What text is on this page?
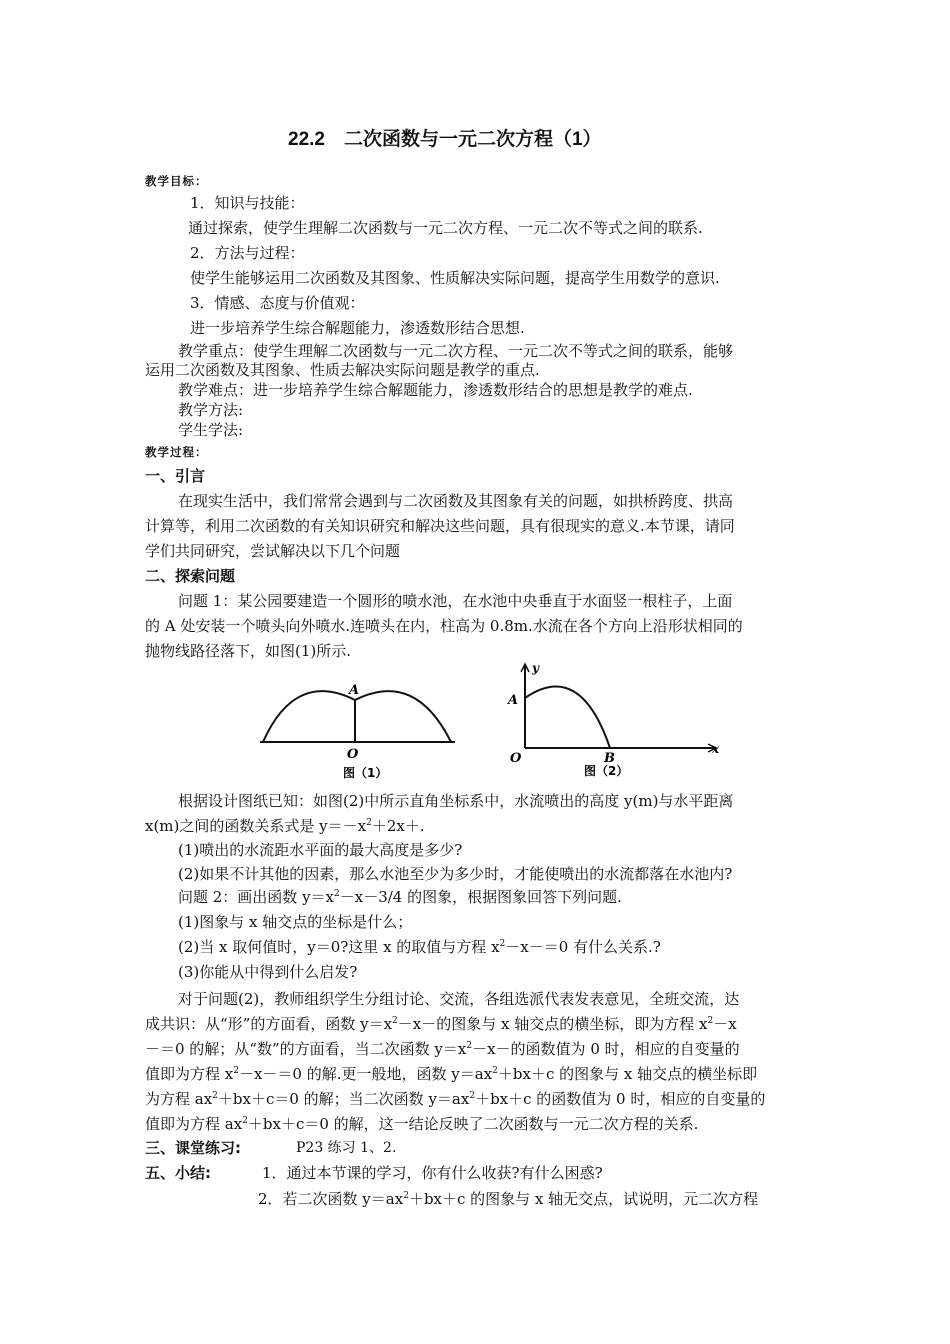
22.2　二次函数与一元二次方程（1）
教学目标：
1．知识与技能：
通过探索，使学生理解二次函数与一元二次方程、一元二次不等式之间的联系.
2．方法与过程：
使学生能够运用二次函数及其图象、性质解决实际问题，提高学生用数学的意识.
3．情感、态度与价值观：
进一步培养学生综合解题能力，渗透数形结合思想.
教学重点：使学生理解二次函数与一元二次方程、一元二次不等式之间的联系，能够
运用二次函数及其图象、性质去解决实际问题是教学的重点.
教学难点：进一步培养学生综合解题能力，渗透数形结合的思想是教学的难点.
教学方法:
学生学法:
教学过程：
一、引言
在现实生活中，我们常常会遇到与二次函数及其图象有关的问题，如拱桥跨度、拱高
计算等，利用二次函数的有关知识研究和解决这些问题，具有很现实的意义.本节课，请同
学们共同研究，尝试解决以下几个问题
二、探索问题
问题 1：某公园要建造一个圆形的喷水池，在水池中央垂直于水面竖一根柱子，上面
的 A 处安装一个喷头向外喷水.连喷头在内，柱高为 0.8m.水流在各个方向上沿形状相同的
抛物线路径落下，如图(1)所示.
A
O
图（1）
y
A
O	B
x
图（2）
根据设计图纸已知：如图(2)中所示直角坐标系中，水流喷出的高度 y(m)与水平距离
x(m)之间的函数关系式是 $y=-x^2+2x+$.
(1)喷出的水流距水平面的最大高度是多少?
(2)如果不计其他的因素，那么水池至少为多少时，才能使喷出的水流都落在水池内?
问题 2：画出函数 $y=x^2-x-3/4$ 的图象，根据图象回答下列问题.
(1)图象与 x 轴交点的坐标是什么；
(2)当 x 取何值时，y＝0?这里 x 的取值与方程 $x^2-x-=0$ 有什么关系.?
(3)你能从中得到什么启发?
对于问题(2)，教师组织学生分组讨论、交流，各组选派代表发表意见，全班交流，达
成共识：从“形”的方面看，函数 $y=x^2-x-$的图象与 x 轴交点的横坐标，即为方程 $x^2-x$
－＝0 的解；从“数”的方面看，当二次函数 $y=x^2-x-$的函数值为 0 时，相应的自变量的
值即为方程 $x^2-x-=0$ 的解.更一般地，函数 $y=ax^2+bx+c$ 的图象与 x 轴交点的横坐标即
为方程 $ax^2+bx+c=0$ 的解；当二次函数 $y=ax^2+bx+c$ 的函数值为 0 时，相应的自变量的
值即为方程 $ax^2+bx+c=0$ 的解，这一结论反映了二次函数与一元二次方程的关系.
三、课堂练习:	P23 练习 1、2.
五、小结:	1．通过本节课的学习，你有什么收获?有什么困惑?
2．若二次函数 $y=ax^2+bx+c$ 的图象与 x 轴无交点，试说明，元二次方程
